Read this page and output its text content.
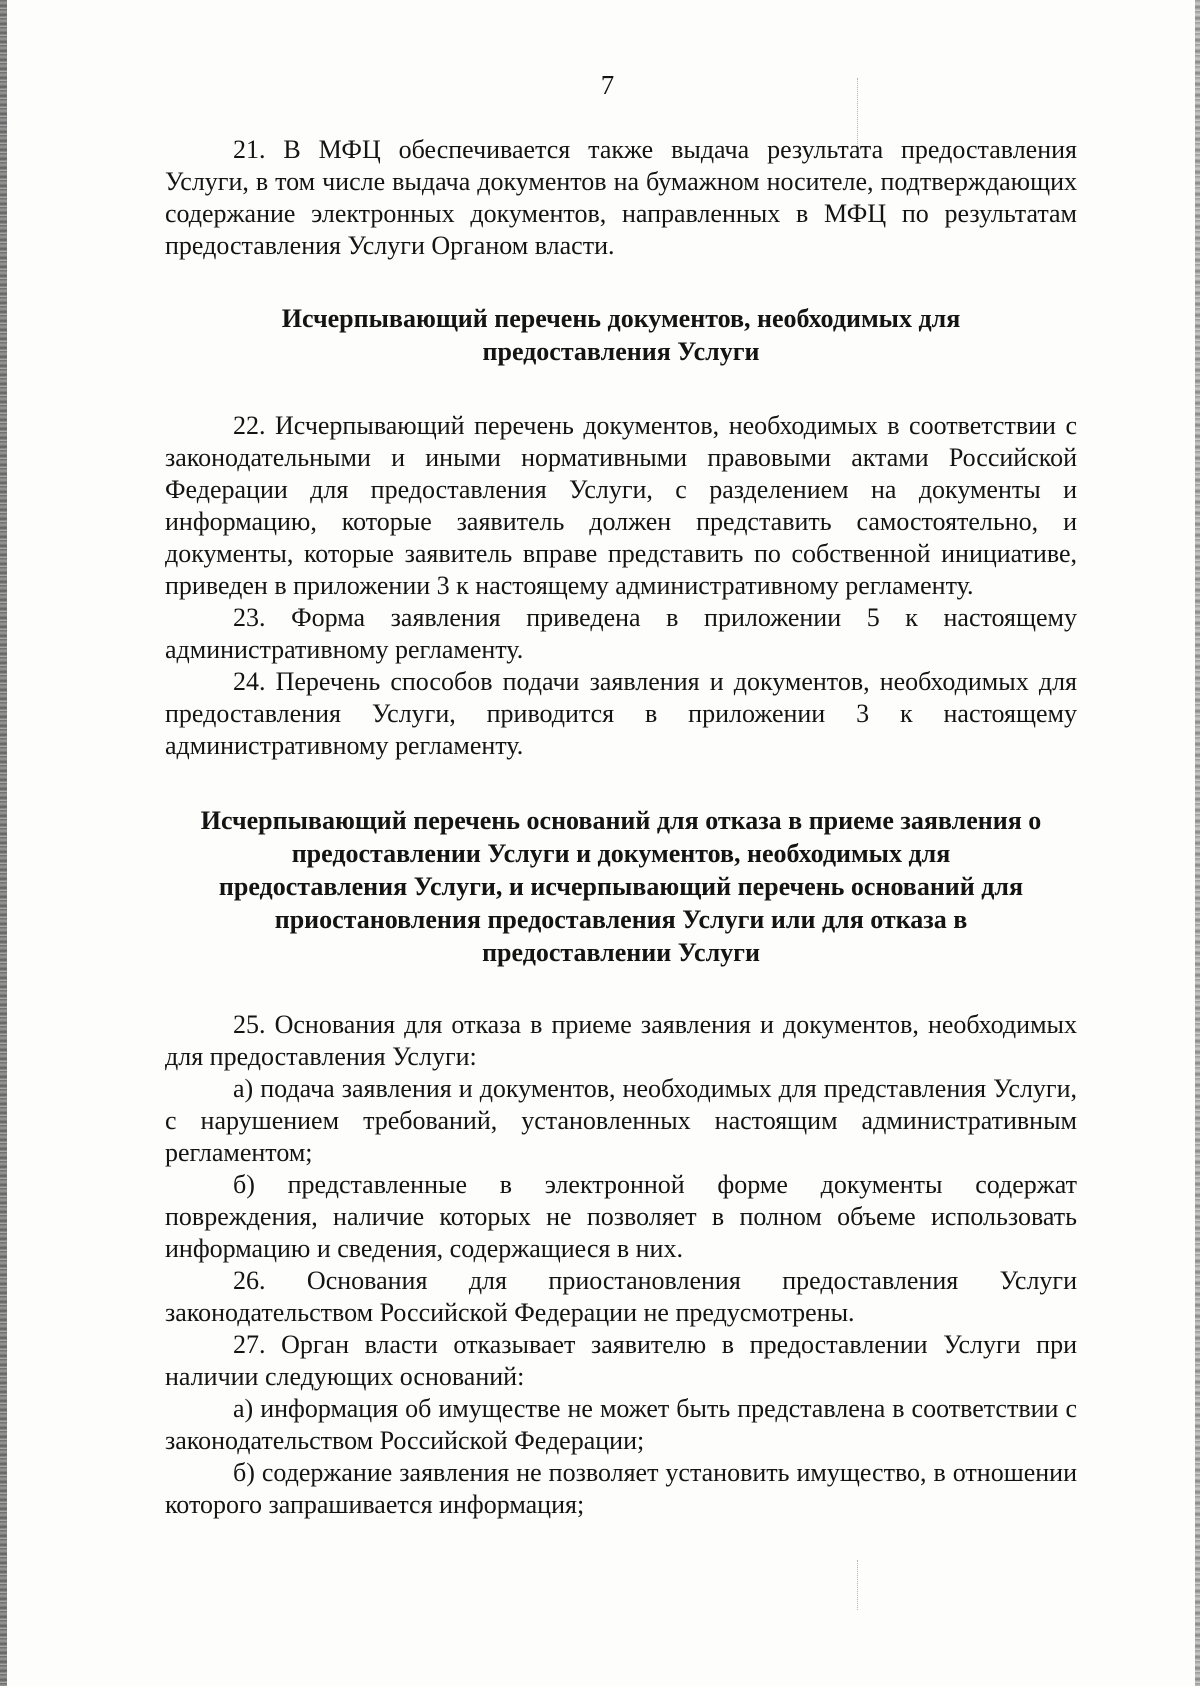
7

21. В МФЦ обеспечивается также выдача результата предоставления Услуги, в том числе выдача документов на бумажном носителе, подтверждающих содержание электронных документов, направленных в МФЦ по результатам предоставления Услуги Органом власти.

Исчерпывающий перечень документов, необходимых для предоставления Услуги

22. Исчерпывающий перечень документов, необходимых в соответствии с законодательными и иными нормативными правовыми актами Российской Федерации для предоставления Услуги, с разделением на документы и информацию, которые заявитель должен представить самостоятельно, и документы, которые заявитель вправе представить по собственной инициативе, приведен в приложении 3 к настоящему административному регламенту.

23. Форма заявления приведена в приложении 5 к настоящему административному регламенту.

24. Перечень способов подачи заявления и документов, необходимых для предоставления Услуги, приводится в приложении 3 к настоящему административному регламенту.

Исчерпывающий перечень оснований для отказа в приеме заявления о предоставлении Услуги и документов, необходимых для предоставления Услуги, и исчерпывающий перечень оснований для приостановления предоставления Услуги или для отказа в предоставлении Услуги

25. Основания для отказа в приеме заявления и документов, необходимых для предоставления Услуги:

а) подача заявления и документов, необходимых для представления Услуги, с нарушением требований, установленных настоящим административным регламентом;

б) представленные в электронной форме документы содержат повреждения, наличие которых не позволяет в полном объеме использовать информацию и сведения, содержащиеся в них.

26. Основания для приостановления предоставления Услуги законодательством Российской Федерации не предусмотрены.

27. Орган власти отказывает заявителю в предоставлении Услуги при наличии следующих оснований:

а) информация об имуществе не может быть представлена в соответствии с законодательством Российской Федерации;

б) содержание заявления не позволяет установить имущество, в отношении которого запрашивается информация;
